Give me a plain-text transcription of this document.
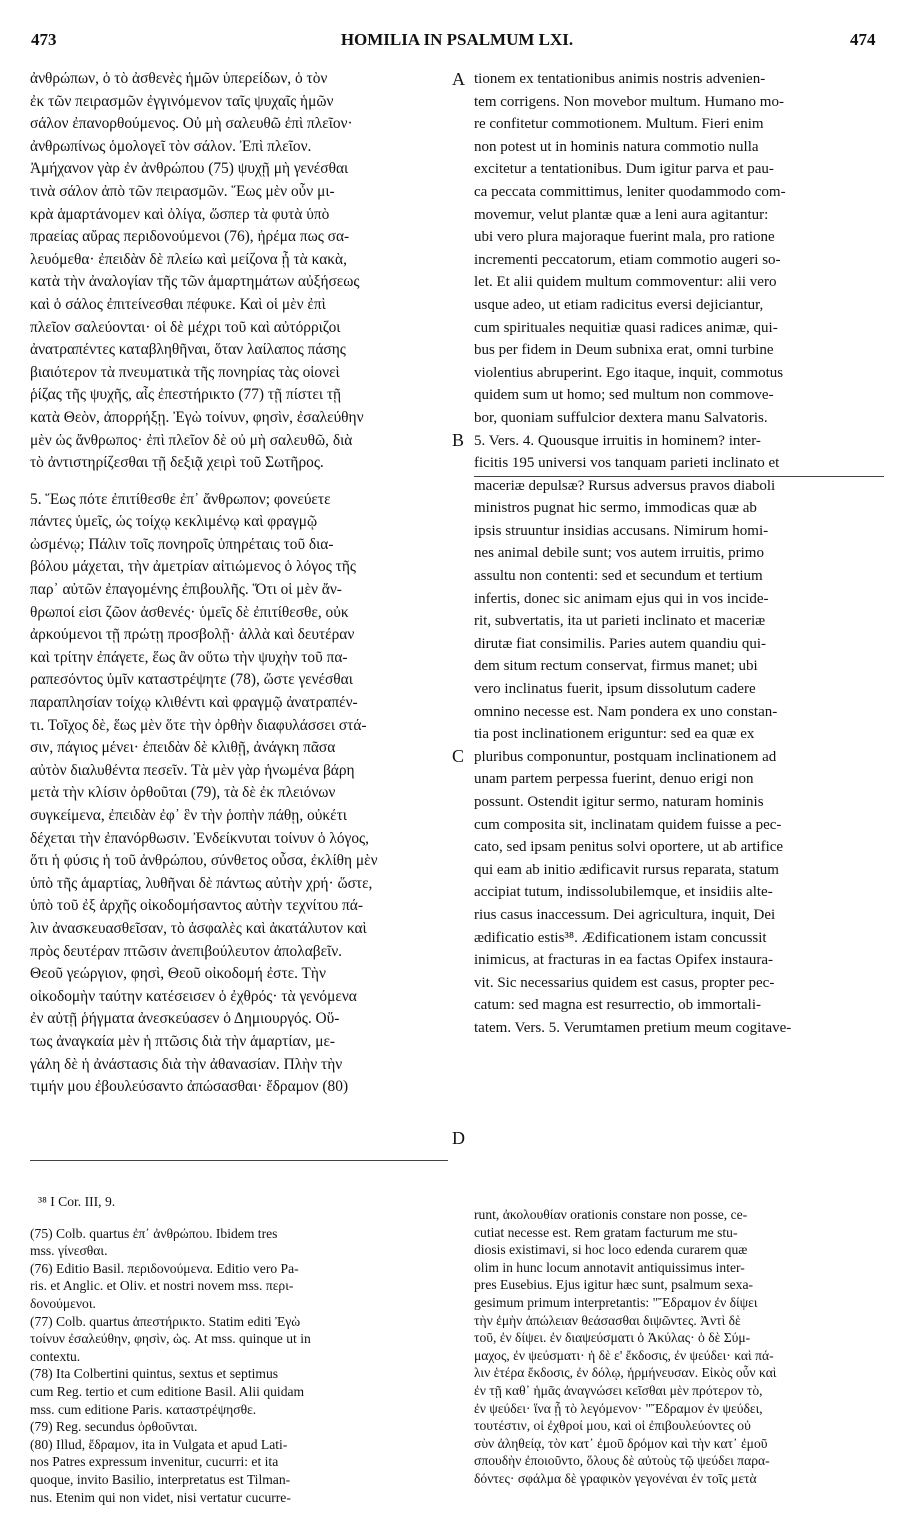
473	HOMILIA IN PSALMUM LXI.	474

ἀνθρώπων, ὁ τὸ ἀσθενὲς ἡμῶν ὑπερείδων, ὁ τὸν

ἐκ τῶν πειρασμῶν ἐγγινόμενον ταῖς ψυχαῖς ἡμῶν

σάλον ἐπανορθούμενος. Οὐ μὴ σαλευθῶ ἐπὶ πλεῖον·

ἀνθρωπίνως ὁμολογεῖ τὸν σάλον. Ἐπὶ πλεῖον.

Ἀμήχανον γὰρ ἐν ἀνθρώπου (75) ψυχῇ μὴ γενέσθαι

τινὰ σάλον ἀπὸ τῶν πειρασμῶν. Ἕως μὲν οὖν μι-

κρὰ ἁμαρτάνομεν καὶ ὀλίγα, ὥσπερ τὰ φυτὰ ὑπὸ

πραείας αὔρας περιδονούμενοι (76), ἠρέμα πως σα-

λευόμεθα· ἐπειδὰν δὲ πλείω καὶ μείζονα ᾖ τὰ κακὰ,

κατὰ τὴν ἀναλογίαν τῆς τῶν ἁμαρτημάτων αὐξήσεως

καὶ ὁ σάλος ἐπιτείνεσθαι πέφυκε. Καὶ οἱ μὲν ἐπὶ

πλεῖον σαλεύονται· οἱ δὲ μέχρι τοῦ καὶ αὐτόρριζοι

ἀνατραπέντες καταβληθῆναι, ὅταν λαίλαπος πάσης

βιαιότερον τὰ πνευματικὰ τῆς πονηρίας τὰς οἱονεὶ

ῥίζας τῆς ψυχῆς, αἷς ἐπεστήρικτο (77) τῇ πίστει τῇ

κατὰ Θεὸν, ἀπορρήξῃ. Ἐγὼ τοίνυν, φησὶν, ἐσαλεύθην

μὲν ὡς ἄνθρωπος· ἐπὶ πλεῖον δὲ οὐ μὴ σαλευθῶ, διὰ

τὸ ἀντιστηρίζεσθαι τῇ δεξιᾷ χειρὶ τοῦ Σωτῆρος.

5. Ἕως πότε ἐπιτίθεσθε ἐπ᾽ ἄνθρωπον; φονεύετε

πάντες ὑμεῖς, ὡς τοίχῳ κεκλιμένῳ καὶ φραγμῷ

ὠσμένῳ; Πάλιν τοῖς πονηροῖς ὑπηρέταις τοῦ δια-

βόλου μάχεται, τὴν ἀμετρίαν αἰτιώμενος ὁ λόγος τῆς

παρ᾽ αὐτῶν ἐπαγομένης ἐπιβουλῆς. Ὅτι οἱ μὲν ἄν-

θρωποί εἰσι ζῶον ἀσθενές· ὑμεῖς δὲ ἐπιτίθεσθε, οὐκ

ἀρκούμενοι τῇ πρώτῃ προσβολῇ· ἀλλὰ καὶ δευτέραν

καὶ τρίτην ἐπάγετε, ἕως ἂν οὕτω τὴν ψυχὴν τοῦ πα-

ραπεσόντος ὑμῖν καταστρέψητε (78), ὥστε γενέσθαι

παραπλησίαν τοίχῳ κλιθέντι καὶ φραγμῷ ἀνατραπέν-

τι. Τοῖχος δὲ, ἕως μὲν ὅτε τὴν ὀρθὴν διαφυλάσσει στά-

σιν, πάγιος μένει· ἐπειδὰν δὲ κλιθῇ, ἀνάγκη πᾶσα

αὐτὸν διαλυθέντα πεσεῖν. Τὰ μὲν γὰρ ἡνωμένα βάρη

μετὰ τὴν κλίσιν ὀρθοῦται (79), τὰ δὲ ἐκ πλειόνων

συγκείμενα, ἐπειδὰν ἐφ᾽ ἓν τὴν ῥοπὴν πάθῃ, οὐκέτι

δέχεται τὴν ἐπανόρθωσιν. Ἐνδείκνυται τοίνυν ὁ λόγος,

ὅτι ἡ φύσις ἡ τοῦ ἀνθρώπου, σύνθετος οὖσα, ἐκλίθη μὲν

ὑπὸ τῆς ἁμαρτίας, λυθῆναι δὲ πάντως αὐτὴν χρή· ὥστε,

ὑπὸ τοῦ ἐξ ἀρχῆς οἰκοδομήσαντος αὐτὴν τεχνίτου πά-

λιν ἀνασκευασθεῖσαν, τὸ ἀσφαλὲς καὶ ἀκατάλυτον καὶ

πρὸς δευτέραν πτῶσιν ἀνεπιβούλευτον ἀπολαβεῖν.

Θεοῦ γεώργιον, φησὶ, Θεοῦ οἰκοδομή ἐστε. Τὴν

οἰκοδομὴν ταύτην κατέσεισεν ὁ ἐχθρός· τὰ γενόμενα

ἐν αὐτῇ ῥήγματα ἀνεσκεύασεν ὁ Δημιουργός. Οὕ-

τως ἀναγκαία μὲν ἡ πτῶσις διὰ τὴν ἁμαρτίαν, με-

γάλη δὲ ἡ ἀνάστασις διὰ τὴν ἀθανασίαν. Πλὴν τὴν

τιμήν μου ἐβουλεύσαντο ἀπώσασθαι· ἔδραμον (80)

tionem ex tentationibus animis nostris advenien-

tem corrigens. Non movebor multum. Humano mo-

re confitetur commotionem. Multum. Fieri enim

non potest ut in hominis natura commotio nulla

excitetur a tentationibus. Dum igitur parva et pau-

ca peccata committimus, leniter quodammodo com-

movemur, velut plantæ quæ a leni aura agitantur:

ubi vero plura majoraque fuerint mala, pro ratione

incrementi peccatorum, etiam commotio augeri so-

let. Et alii quidem multum commoventur: alii vero

usque adeo, ut etiam radicitus eversi dejiciantur,

cum spirituales nequitiæ quasi radices animæ, qui-

bus per fidem in Deum subnixa erat, omni turbine

violentius abruperint. Ego itaque, inquit, commotus

quidem sum ut homo; sed multum non commove-

bor, quoniam suffulcior dextera manu Salvatoris.

5. Vers. 4. Quousque irruitis in hominem? inter-

ficitis 195 universi vos tanquam parieti inclinato et

maceriæ depulsæ? Rursus adversus pravos diaboli

ministros pugnat hic sermo, immodicas quæ ab

ipsis struuntur insidias accusans. Nimirum homi-

nes animal debile sunt; vos autem irruitis, primo

assultu non contenti: sed et secundum et tertium

infertis, donec sic animam ejus qui in vos incide-

rit, subvertatis, ita ut parieti inclinato et maceriæ

dirutæ fiat consimilis. Paries autem quandiu qui-

dem situm rectum conservat, firmus manet; ubi

vero inclinatus fuerit, ipsum dissolutum cadere

omnino necesse est. Nam pondera ex uno constan-

tia post inclinationem eriguntur: sed ea quæ ex

pluribus componuntur, postquam inclinationem ad

unam partem perpessa fuerint, denuo erigi non

possunt. Ostendit igitur sermo, naturam hominis

cum composita sit, inclinatam quidem fuisse a pec-

cato, sed ipsam penitus solvi oportere, ut ab artifice

qui eam ab initio ædificavit rursus reparata, statum

accipiat tutum, indissolubilemque, et insidiis alte-

rius casus inaccessum. Dei agricultura, inquit, Dei

ædificatio estis³⁸. Ædificationem istam concussit

inimicus, at fracturas in ea factas Opifex instaura-

vit. Sic necessarius quidem est casus, propter pec-

catum: sed magna est resurrectio, ob immortali-

tatem. Vers. 5. Verumtamen pretium meum cogitave-

A
B
C
D

³⁸ I Cor. III, 9.

(75) Colb. quartus ἐπ᾽ ἀνθρώπου. Ibidem tres

mss. γίνεσθαι.

(76) Editio Basil. περιδονούμενα. Editio vero Pa-

ris. et Anglic. et Oliv. et nostri novem mss. περι-

δονούμενοι.

(77) Colb. quartus ἀπεστήρικτο. Statim editi Ἐγὼ

τοίνυν ἐσαλεύθην, φησὶν, ὡς. At mss. quinque ut in

contextu.

(78) Ita Colbertini quintus, sextus et septimus

cum Reg. tertio et cum editione Basil. Alii quidam

mss. cum editione Paris. καταστρέψησθε.

(79) Reg. secundus ὀρθοῦνται.

(80) Illud, ἔδραμον, ita in Vulgata et apud Lati-

nos Patres expressum invenitur, cucurri: et ita

quoque, invito Basilio, interpretatus est Tilman-

nus. Etenim qui non videt, nisi vertatur cucurre-

runt, ἀκολουθίαν orationis constare non posse, ce-

cutiat necesse est. Rem gratam facturum me stu-

diosis existimavi, si hoc loco edenda curarem quæ

olim in hunc locum annotavit antiquissimus inter-

pres Eusebius. Ejus igitur hæc sunt, psalmum sexa-

gesimum primum interpretantis: "Ἔδραμον ἐν δίψει

τὴν ἐμὴν ἀπώλειαν θεάσασθαι διψῶντες. Ἀντὶ δὲ

τοῦ, ἐν δίψει. ἐν διαψεύσματι ὁ Ἀκύλας· ὁ δὲ Σύμ-

μαχος, ἐν ψεύσματι· ἡ δὲ ε' ἔκδοσις, ἐν ψεύδει· καὶ πά-

λιν ἑτέρα ἔκδοσις, ἐν δόλῳ, ἡρμήνευσαν. Εἰκὸς οὖν καὶ

ἐν τῇ καθ᾽ ἡμᾶς ἀναγνώσει κεῖσθαι μὲν πρότερον τὸ,

ἐν ψεύδει· ἵνα ᾖ τὸ λεγόμενον· "Ἔδραμον ἐν ψεύδει,

τουτέστιν, οἱ ἐχθροί μου, καὶ οἱ ἐπιβουλεύοντες οὐ

σὺν ἀληθείᾳ, τὸν κατ᾽ ἐμοῦ δρόμον καὶ τὴν κατ᾽ ἐμοῦ

σπουδὴν ἐποιοῦντο, ὅλους δὲ αὐτοὺς τῷ ψεύδει παρα-

δόντες· σφάλμα δὲ γραφικὸν γεγονέναι ἐν τοῖς μετὰ
